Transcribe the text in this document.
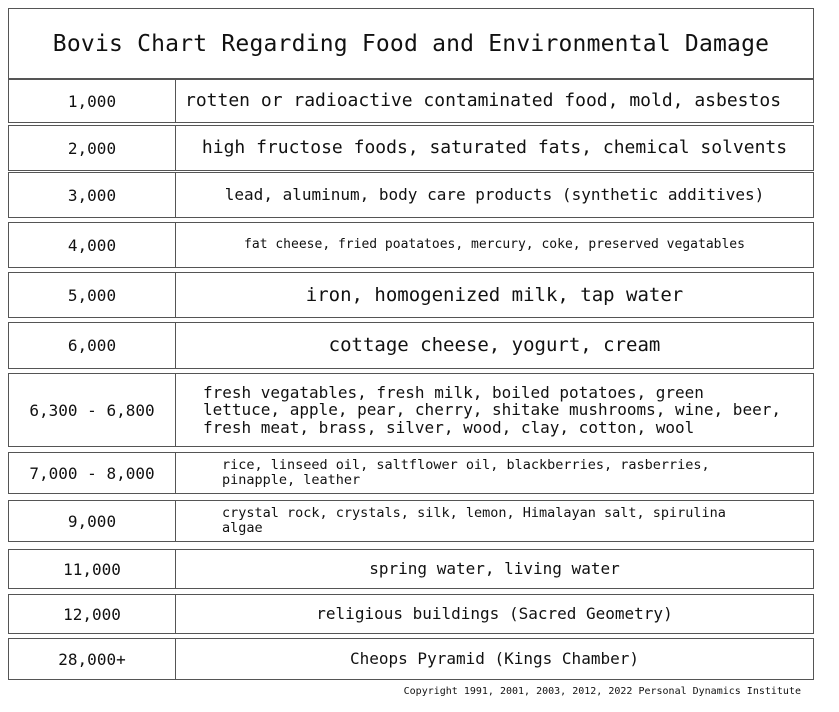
Bovis Chart Regarding Food and Environmental Damage
1,000	rotten or radioactive contaminated food, mold, asbestos
2,000	high fructose foods, saturated fats, chemical solvents
3,000	lead, aluminum, body care products (synthetic additives)
4,000	fat cheese, fried poatatoes, mercury, coke, preserved vegatables
5,000	iron, homogenized milk, tap water
6,000	cottage cheese, yogurt, cream
6,300 - 6,800
fresh vegatables, fresh milk, boiled potatoes, green
lettuce, apple, pear, cherry, shitake mushrooms, wine, beer,
fresh meat, brass, silver, wood, clay, cotton, wool
7,000 - 8,000	rice, linseed oil, saltflower oil, blackberries, rasberries,
pinapple, leather
9,000	crystal rock, crystals, silk, lemon, Himalayan salt, spirulina
algae
11,000	spring water, living water
12,000	religious buildings (Sacred Geometry)
28,000+	Cheops Pyramid (Kings Chamber)
Copyright 1991, 2001, 2003, 2012, 2022 Personal Dynamics Institute
